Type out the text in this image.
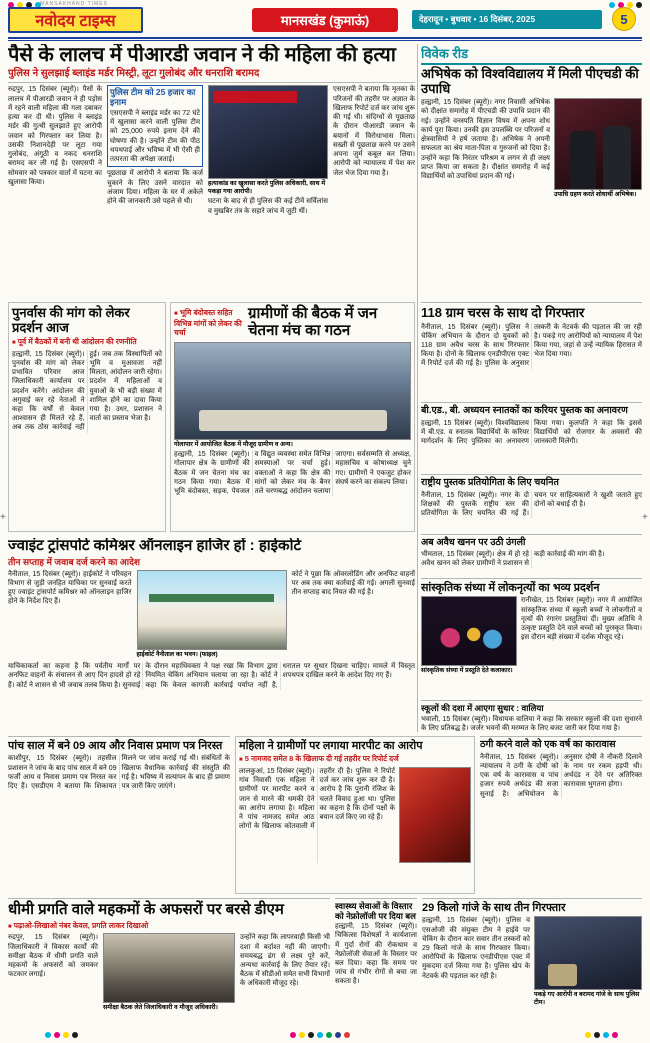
MANSAKHAND TIMES
नवोदय टाइम्स	मानसखंड (कुमाऊं)	देहरादून • बुधवार • 16 दिसंबर, 2025	5
पैसे के लालच में पीआरडी जवान ने की महिला की हत्या
पुलिस ने सुलझाई ब्लाइंड मर्डर मिस्ट्री, लूटा गुलोबंद और धनराशि बरामद
रुद्रपुर, 15 दिसंबर (ब्यूरो)। पैसों के लालच में पीआरडी जवान ने ही पड़ोस में रहने वाली महिला की गला दबाकर हत्या कर दी थी। पुलिस ने ब्लाइंड मर्डर की गुत्थी सुलझाते हुए आरोपी जवान को गिरफ्तार कर लिया है। उसकी निशानदेही पर लूटा गया गुलोबंद, अंगूठी व नकद धनराशि बरामद कर ली गई है। एसएसपी ने सोमवार को पत्रकार वार्ता में घटना का खुलासा किया।
पुलिस टीम को 25 हजार का इनाम
एसएसपी ने ब्लाइंड मर्डर का 72 घंटे में खुलासा करने वाली पुलिस टीम को 25,000 रुपये इनाम देने की घोषणा की है। उन्होंने टीम की पीठ थपथपाई और भविष्य में भी ऐसी ही तत्परता की अपेक्षा जताई।
पूछताछ में आरोपी ने बताया कि कर्ज चुकाने के लिए उसने वारदात को अंजाम दिया। महिला के घर में अकेले होने की जानकारी उसे पहले से थी।
हत्याकांड का खुलासा करते पुलिस अधिकारी, साथ में पकड़ा गया आरोपी।
घटना के बाद से ही पुलिस की कई टीमें सर्विलांस व मुखबिर तंत्र के सहारे जांच में जुटी थीं।
एसएसपी ने बताया कि मृतका के परिजनों की तहरीर पर अज्ञात के खिलाफ रिपोर्ट दर्ज कर जांच शुरू की गई थी। संदिग्धों से पूछताछ के दौरान पीआरडी जवान के बयानों में विरोधाभास मिला। सख्ती से पूछताछ करने पर उसने अपना जुर्म कबूल कर लिया। आरोपी को न्यायालय में पेश कर जेल भेज दिया गया है।
विवेक रीड
अभिषेक को विश्वविद्यालय में मिली पीएचडी की उपाधि
उपाधि ग्रहण करते शोधार्थी अभिषेक।
हल्द्वानी, 15 दिसंबर (ब्यूरो)। नगर निवासी अभिषेक को दीक्षांत समारोह में पीएचडी की उपाधि प्रदान की गई। उन्होंने वनस्पति विज्ञान विषय में अपना शोध कार्य पूरा किया। उनकी इस उपलब्धि पर परिजनों व क्षेत्रवासियों ने हर्ष जताया है। अभिषेक ने अपनी सफलता का श्रेय माता-पिता व गुरुजनों को दिया है। उन्होंने कहा कि निरंतर परिश्रम व लगन से ही लक्ष्य प्राप्त किया जा सकता है। दीक्षांत समारोह में कई विद्यार्थियों को उपाधियां प्रदान की गईं।
118 ग्राम चरस के साथ दो गिरफ्तार
नैनीताल, 15 दिसंबर (ब्यूरो)। पुलिस ने चेकिंग अभियान के दौरान दो युवकों को 118 ग्राम अवैध चरस के साथ गिरफ्तार किया है। दोनों के खिलाफ एनडीपीएस एक्ट में रिपोर्ट दर्ज की गई है। पुलिस के अनुसार तस्करी के नेटवर्क की पड़ताल की जा रही है। पकड़े गए आरोपियों को न्यायालय में पेश किया गया, जहां से उन्हें न्यायिक हिरासत में भेज दिया गया।
बी.एड., बी. अध्ययन स्नातकों का करियर पुस्तक का अनावरण
हल्द्वानी, 15 दिसंबर (ब्यूरो)। विश्वविद्यालय में बी.एड. व स्नातक विद्यार्थियों के करियर मार्गदर्शन के लिए पुस्तिका का अनावरण किया गया। कुलपति ने कहा कि इससे विद्यार्थियों को रोजगार के अवसरों की जानकारी मिलेगी।
राष्ट्रीय पुस्तक प्रतियोगिता के लिए चयनित
नैनीताल, 15 दिसंबर (ब्यूरो)। नगर के दो शिक्षकों की पुस्तकें राष्ट्रीय स्तर की प्रतियोगिता के लिए चयनित की गई हैं। चयन पर साहित्यकारों ने खुशी जताते हुए दोनों को बधाई दी है।
अब अवैध खनन पर उठी उंगली
भीमताल, 15 दिसंबर (ब्यूरो)। क्षेत्र में हो रहे अवैध खनन को लेकर ग्रामीणों ने प्रशासन से कड़ी कार्रवाई की मांग की है।
सांस्कृतिक संध्या में लोकनृत्यों का भव्य प्रदर्शन
सांस्कृतिक संध्या में प्रस्तुति देते कलाकार।
रानीखेत, 15 दिसंबर (ब्यूरो)। नगर में आयोजित सांस्कृतिक संध्या में स्कूली बच्चों ने लोकगीतों व नृत्यों की रंगारंग प्रस्तुतियां दीं। मुख्य अतिथि ने उत्कृष्ट प्रस्तुति देने वाले बच्चों को पुरस्कृत किया। इस दौरान बड़ी संख्या में दर्शक मौजूद रहे।
स्कूलों की दशा में आएगा सुधार : वालिया
भवाली, 15 दिसंबर (ब्यूरो)। विधायक वालिया ने कहा कि सरकार स्कूलों की दशा सुधारने के लिए प्रतिबद्ध है। जर्जर भवनों की मरम्मत के लिए बजट जारी कर दिया गया है।
पुनर्वास की मांग को लेकर प्रदर्शन आज
■ पूर्व में बैठकों में बनी थी आंदोलन की रणनीति
हल्द्वानी, 15 दिसंबर (ब्यूरो)। पुनर्वास की मांग को लेकर प्रभावित परिवार आज जिलाधिकारी कार्यालय पर प्रदर्शन करेंगे। आंदोलन की अगुवाई कर रहे नेताओं ने कहा कि वर्षों से केवल आश्वासन ही मिलते रहे हैं, अब तक ठोस कार्रवाई नहीं हुई। जब तक विस्थापितों को भूमि व मुआवजा नहीं मिलता, आंदोलन जारी रहेगा। प्रदर्शन में महिलाओं व युवाओं के भी बड़ी संख्या में शामिल होने का दावा किया गया है। उधर, प्रशासन ने वार्ता का प्रस्ताव भेजा है।
■ भूमि बंदोबस्त सहित विभिन्न मांगों को लेकर की चर्चा
ग्रामीणों की बैठक में जन चेतना मंच का गठन
गोलापार में आयोजित बैठक में मौजूद ग्रामीण व अन्य।
हल्द्वानी, 15 दिसंबर (ब्यूरो)। गोलापार क्षेत्र के ग्रामीणों की बैठक में जन चेतना मंच का गठन किया गया। बैठक में भूमि बंदोबस्त, सड़क, पेयजल व विद्युत व्यवस्था समेत विभिन्न समस्याओं पर चर्चा हुई। वक्ताओं ने कहा कि क्षेत्र की मांगों को लेकर मंच के बैनर तले चरणबद्ध आंदोलन चलाया जाएगा। सर्वसम्मति से अध्यक्ष, महासचिव व कोषाध्यक्ष चुने गए। ग्रामीणों ने एकजुट होकर संघर्ष करने का संकल्प लिया।
ज्वाइंट ट्रांसपोर्ट कमिश्नर ऑनलाइन हाजिर हों : हाईकोर्ट
तीन सप्ताह में जवाब दर्ज करने का आदेश
नैनीताल, 15 दिसंबर (ब्यूरो)। हाईकोर्ट ने परिवहन विभाग से जुड़ी जनहित याचिका पर सुनवाई करते हुए ज्वाइंट ट्रांसपोर्ट कमिश्नर को ऑनलाइन हाजिर होने के निर्देश दिए हैं।
हाईकोर्ट नैनीताल का भवन। (फाइल)
कोर्ट ने पूछा कि ओवरलोडिंग और अनफिट वाहनों पर अब तक क्या कार्रवाई की गई। अगली सुनवाई तीन सप्ताह बाद नियत की गई है।
याचिकाकर्ता का कहना है कि पर्वतीय मार्गों पर अनफिट वाहनों के संचालन से आए दिन हादसे हो रहे हैं। कोर्ट ने शासन से भी जवाब तलब किया है। सुनवाई के दौरान महाधिवक्ता ने पक्ष रखा कि विभाग द्वारा नियमित चेकिंग अभियान चलाया जा रहा है। कोर्ट ने कहा कि केवल कागजी कार्रवाई पर्याप्त नहीं है, धरातल पर सुधार दिखना चाहिए। मामले में विस्तृत शपथपत्र दाखिल करने के आदेश दिए गए हैं।
पांच साल में बने 09 आय और निवास प्रमाण पत्र निरस्त
काशीपुर, 15 दिसंबर (ब्यूरो)। तहसील प्रशासन ने जांच के बाद पांच साल में बने 09 फर्जी आय व निवास प्रमाण पत्र निरस्त कर दिए हैं। एसडीएम ने बताया कि शिकायत मिलने पर जांच कराई गई थी। संबंधितों के खिलाफ वैधानिक कार्रवाई की संस्तुति की गई है। भविष्य में सत्यापन के बाद ही प्रमाण पत्र जारी किए जाएंगे।
महिला ने ग्रामीणों पर लगाया मारपीट का आरोप
■ 5 नामजद समेत 8 के खिलाफ दी गई तहरीर पर रिपोर्ट दर्ज
लालकुआं, 15 दिसंबर (ब्यूरो)। गांव निवासी एक महिला ने ग्रामीणों पर मारपीट करने व जान से मारने की धमकी देने का आरोप लगाया है। महिला ने पांच नामजद समेत आठ लोगों के खिलाफ कोतवाली में तहरीर दी है। पुलिस ने रिपोर्ट दर्ज कर जांच शुरू कर दी है। आरोप है कि पुरानी रंजिश के चलते विवाद हुआ था। पुलिस का कहना है कि दोनों पक्षों के बयान दर्ज किए जा रहे हैं।
ठगी करने वाले को एक वर्ष का कारावास
नैनीताल, 15 दिसंबर (ब्यूरो)। न्यायालय ने ठगी के दोषी को एक वर्ष के कारावास व पांच हजार रुपये अर्थदंड की सजा सुनाई है। अभियोजन के अनुसार दोषी ने नौकरी दिलाने के नाम पर रकम हड़पी थी। अर्थदंड न देने पर अतिरिक्त कारावास भुगतना होगा।
धीमी प्रगति वाले महकमों के अफसरों पर बरसे डीएम
■ पढ़ाओ-लिखाओ नंबर केवल, प्रगति लाकर दिखाओ
रुद्रपुर, 15 दिसंबर (ब्यूरो)। जिलाधिकारी ने विकास कार्यों की समीक्षा बैठक में धीमी प्रगति वाले महकमों के अफसरों को जमकर फटकार लगाई।
समीक्षा बैठक लेते जिलाधिकारी व मौजूद अधिकारी।
उन्होंने कहा कि लापरवाही किसी भी दशा में बर्दाश्त नहीं की जाएगी। समयबद्ध ढंग से लक्ष्य पूरे करें, अन्यथा कार्रवाई के लिए तैयार रहें। बैठक में सीडीओ समेत सभी विभागों के अधिकारी मौजूद रहे।
स्वास्थ्य सेवाओं के विस्तार को नेफ्रोलॉजी पर दिया बल
हल्द्वानी, 15 दिसंबर (ब्यूरो)। चिकित्सा विशेषज्ञों ने कार्यशाला में गुर्दा रोगों की रोकथाम व नेफ्रोलॉजी सेवाओं के विस्तार पर बल दिया। कहा कि समय पर जांच से गंभीर रोगों से बचा जा सकता है।
29 किलो गांजे के साथ तीन गिरफ्तार
हल्द्वानी, 15 दिसंबर (ब्यूरो)। पुलिस व एसओजी की संयुक्त टीम ने हाईवे पर चेकिंग के दौरान कार सवार तीन तस्करों को 29 किलो गांजे के साथ गिरफ्तार किया। आरोपियों के खिलाफ एनडीपीएस एक्ट में मुकदमा दर्ज किया गया है। पुलिस खेप के नेटवर्क की पड़ताल कर रही है।
पकड़े गए आरोपी व बरामद गांजे के साथ पुलिस टीम।
+	+
